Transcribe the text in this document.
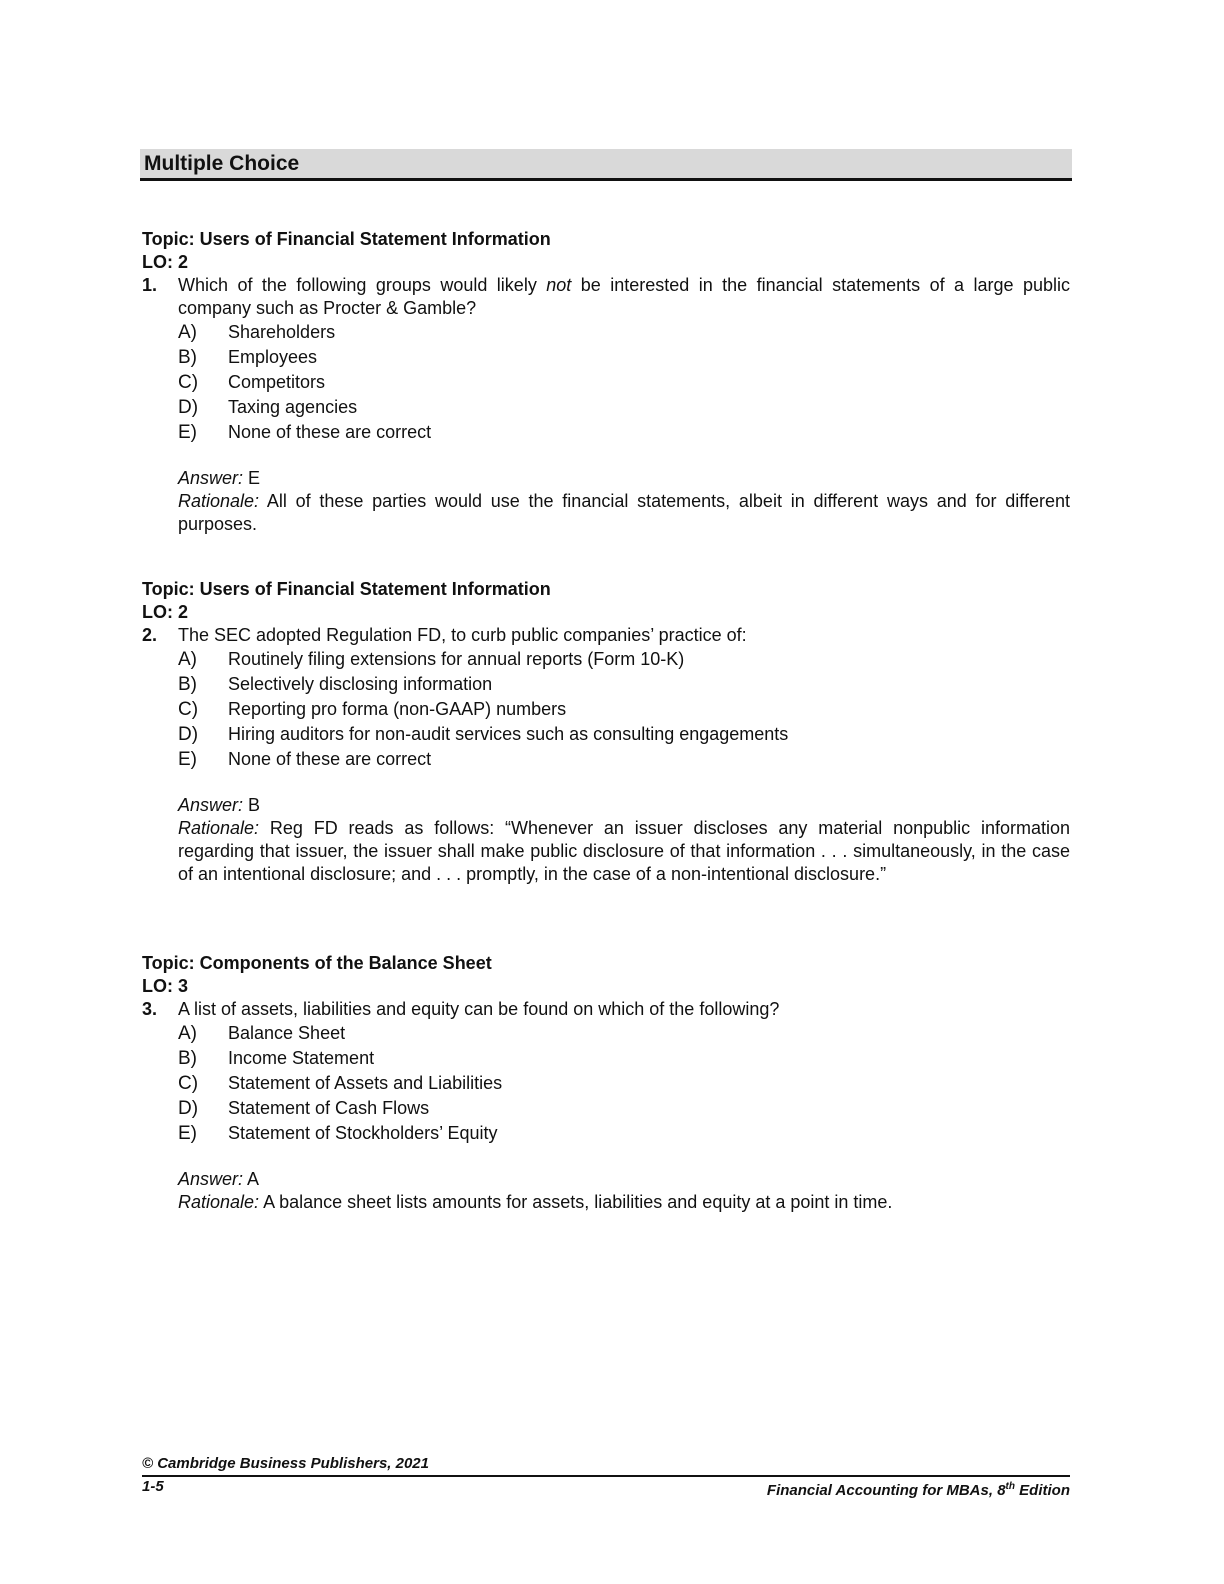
Multiple Choice
Topic: Users of Financial Statement Information
LO: 2
1.	Which of the following groups would likely not be interested in the financial statements of a large public company such as Procter & Gamble?
A)	Shareholders
B)	Employees
C)	Competitors
D)	Taxing agencies
E)	None of these are correct
Answer: E
Rationale: All of these parties would use the financial statements, albeit in different ways and for different purposes.
Topic: Users of Financial Statement Information
LO: 2
2.	The SEC adopted Regulation FD, to curb public companies’ practice of:
A)	Routinely filing extensions for annual reports (Form 10-K)
B)	Selectively disclosing information
C)	Reporting pro forma (non-GAAP) numbers
D)	Hiring auditors for non-audit services such as consulting engagements
E)	None of these are correct
Answer: B
Rationale: Reg FD reads as follows: “Whenever an issuer discloses any material nonpublic information regarding that issuer, the issuer shall make public disclosure of that information . . . simultaneously, in the case of an intentional disclosure; and . . . promptly, in the case of a non-intentional disclosure.”
Topic: Components of the Balance Sheet
LO: 3
3.	A list of assets, liabilities and equity can be found on which of the following?
A)	Balance Sheet
B)	Income Statement
C)	Statement of Assets and Liabilities
D)	Statement of Cash Flows
E)	Statement of Stockholders’ Equity
Answer: A
Rationale: A balance sheet lists amounts for assets, liabilities and equity at a point in time.
© Cambridge Business Publishers, 2021
1-5	Financial Accounting for MBAs, 8th Edition
